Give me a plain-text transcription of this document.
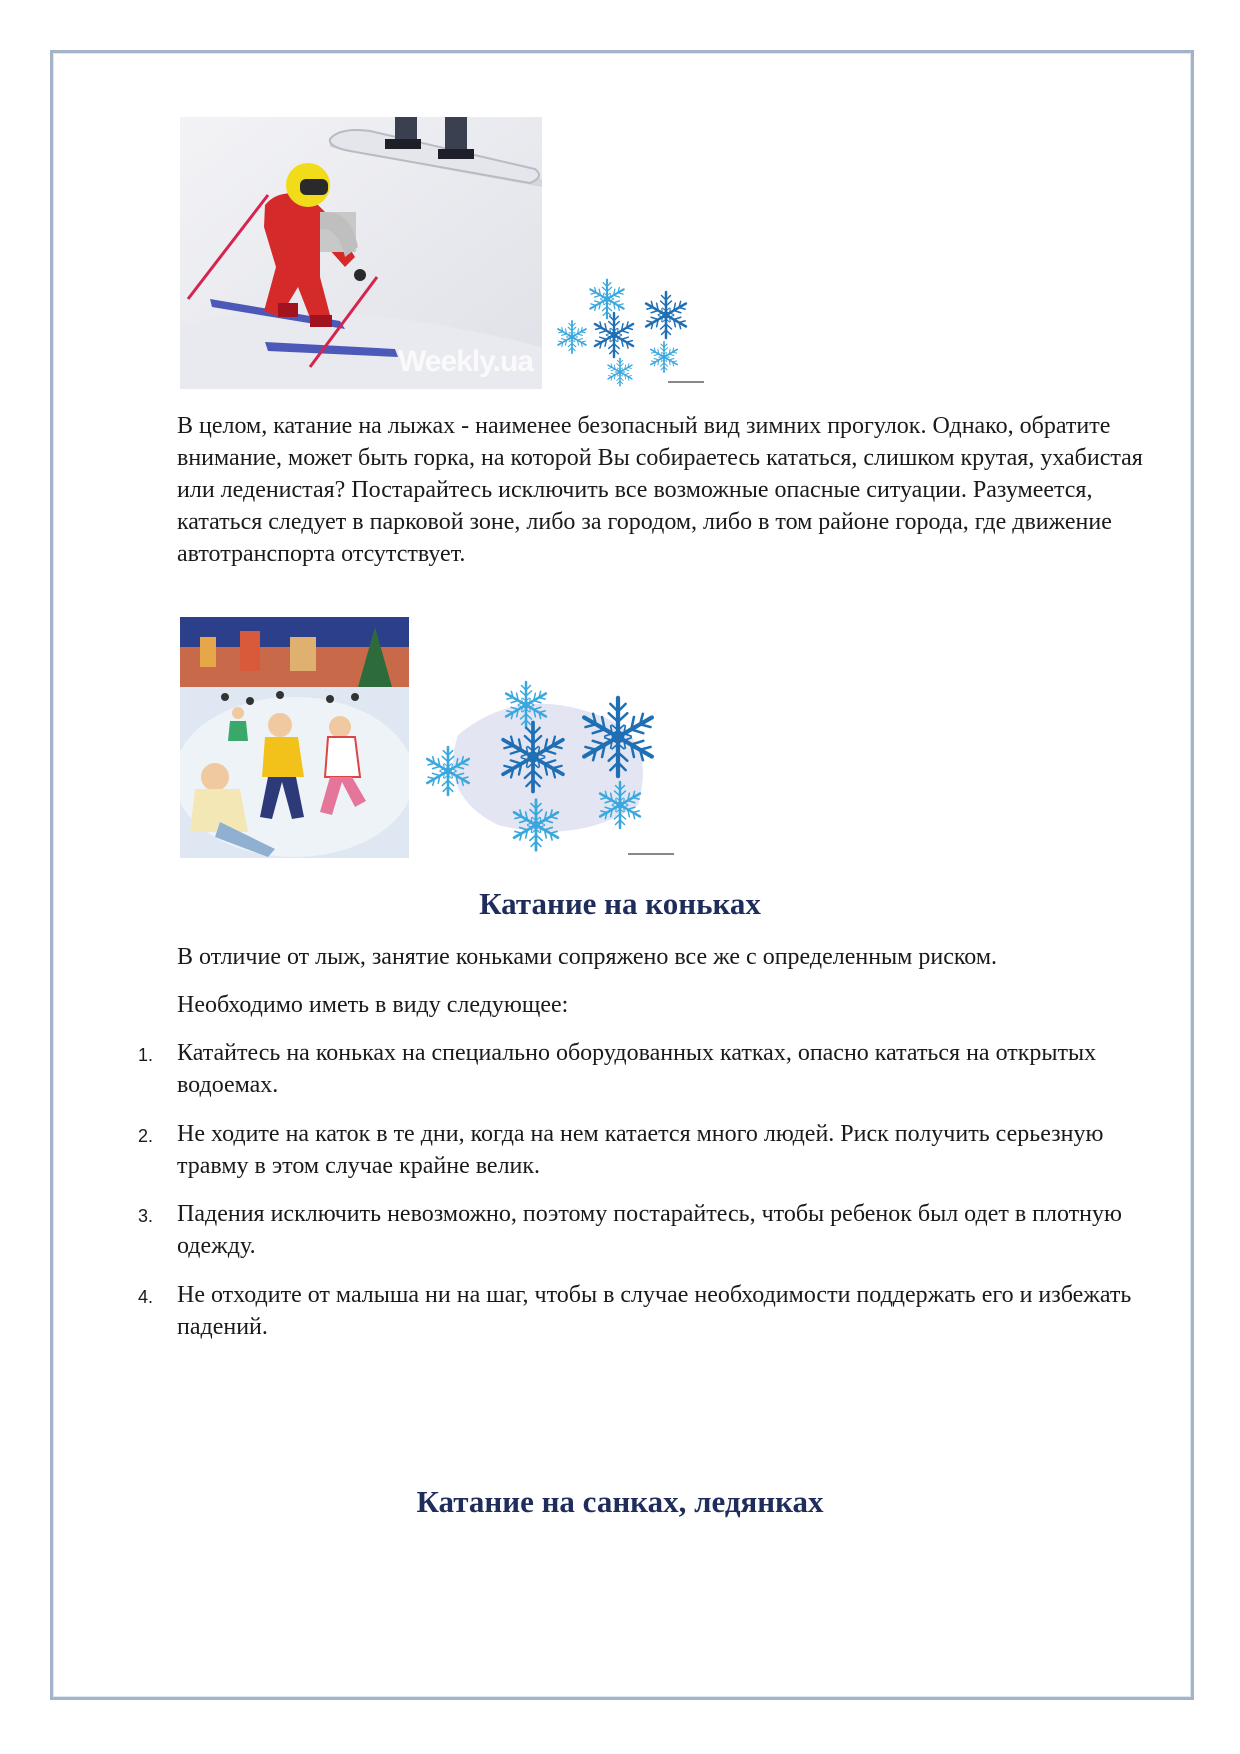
Weekly.ua

В целом, катание на лыжах - наименее безопасный вид зимних прогулок. Однако, обратите внимание, может быть горка, на которой Вы собираетесь кататься, слишком крутая, ухабистая или леденистая? Постарайтесь исключить все возможные опасные ситуации. Разумеется, кататься следует в парковой зоне, либо за городом, либо в том районе города, где движение автотранспорта отсутствует.

Катание на коньках

В отличие от лыж, занятие коньками сопряжено все же с определенным риском.

Необходимо иметь в виду следующее:

1. Катайтесь на коньках на специально оборудованных катках, опасно кататься на открытых водоемах.
2. Не ходите на каток в те дни, когда на нем катается много людей. Риск получить серьезную травму в этом случае крайне велик.
3. Падения исключить невозможно, поэтому постарайтесь, чтобы ребенок был одет в плотную одежду.
4. Не отходите от малыша ни на шаг, чтобы в случае необходимости поддержать его и избежать падений.
Катание на санках, ледянках
